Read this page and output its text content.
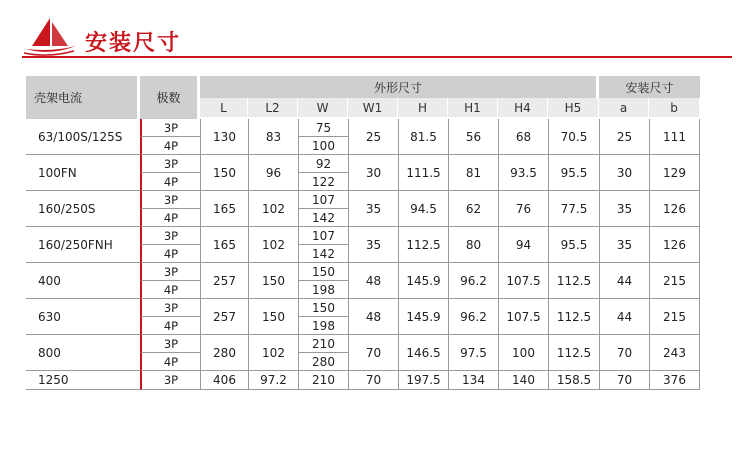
安装尺寸
壳架电流	极数	外形尺寸								安装尺寸	
		L	L2	W	W1	H	H1	H4	H5	a	b
63/100S/125S	3P	130	83	75	25	81.5	56	68	70.5	25	111
	4P			100							
100FN	3P	150	96	92	30	111.5	81	93.5	95.5	30	129
	4P			122							
160/250S	3P	165	102	107	35	94.5	62	76	77.5	35	126
	4P			142							
160/250FNH	3P	165	102	107	35	112.5	80	94	95.5	35	126
	4P			142							
400	3P	257	150	150	48	145.9	96.2	107.5	112.5	44	215
	4P			198							
630	3P	257	150	150	48	145.9	96.2	107.5	112.5	44	215
	4P			198							
800	3P	280	102	210	70	146.5	97.5	100	112.5	70	243
	4P			280							
1250	3P	406	97.2	210	70	197.5	134	140	158.5	70	376
